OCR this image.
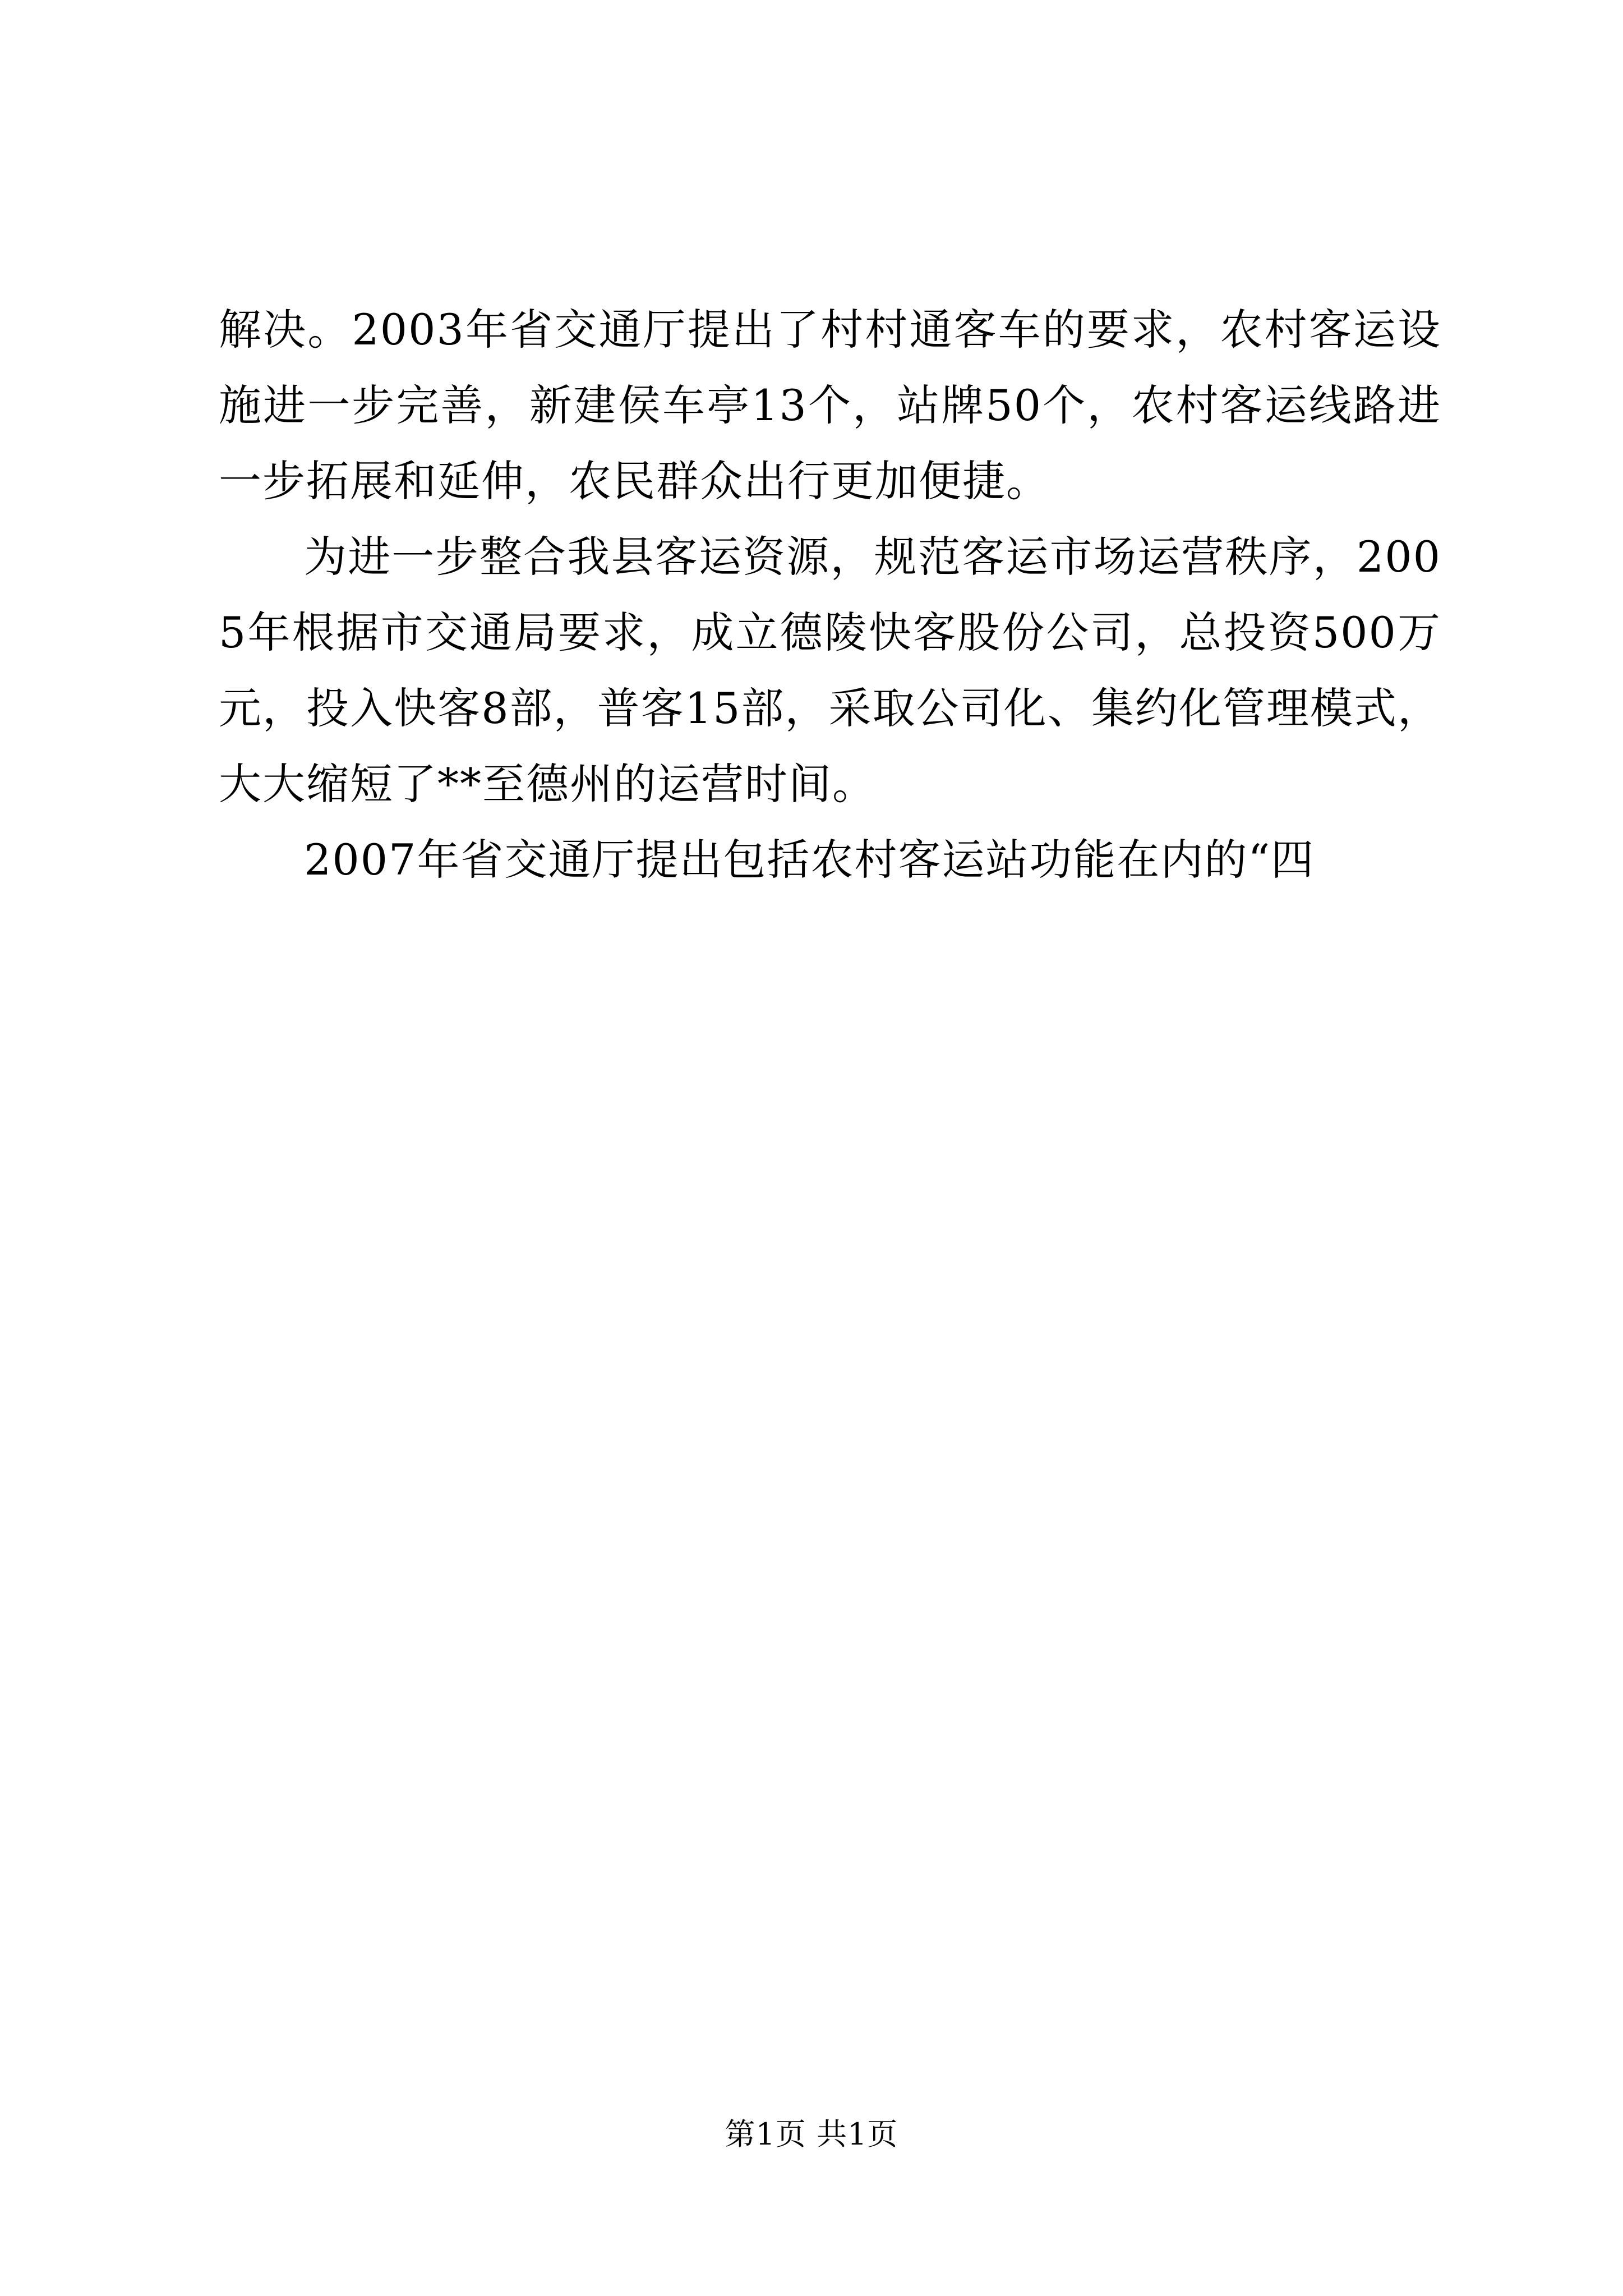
解决。2003年省交通厅提出了村村通客车的要求，农村客运设施进一步完善，新建侯车亭13个，站牌50个，农村客运线路进一步拓展和延伸，农民群众出行更加便捷。

为进一步整合我县客运资源，规范客运市场运营秩序，2005年根据市交通局要求，成立德陵快客股份公司，总投资500万元，投入快客8部，普客15部，采取公司化、集约化管理模式，大大缩短了**至德州的运营时间。

2007年省交通厅提出包括农村客运站功能在内的“四

第1页 共1页
